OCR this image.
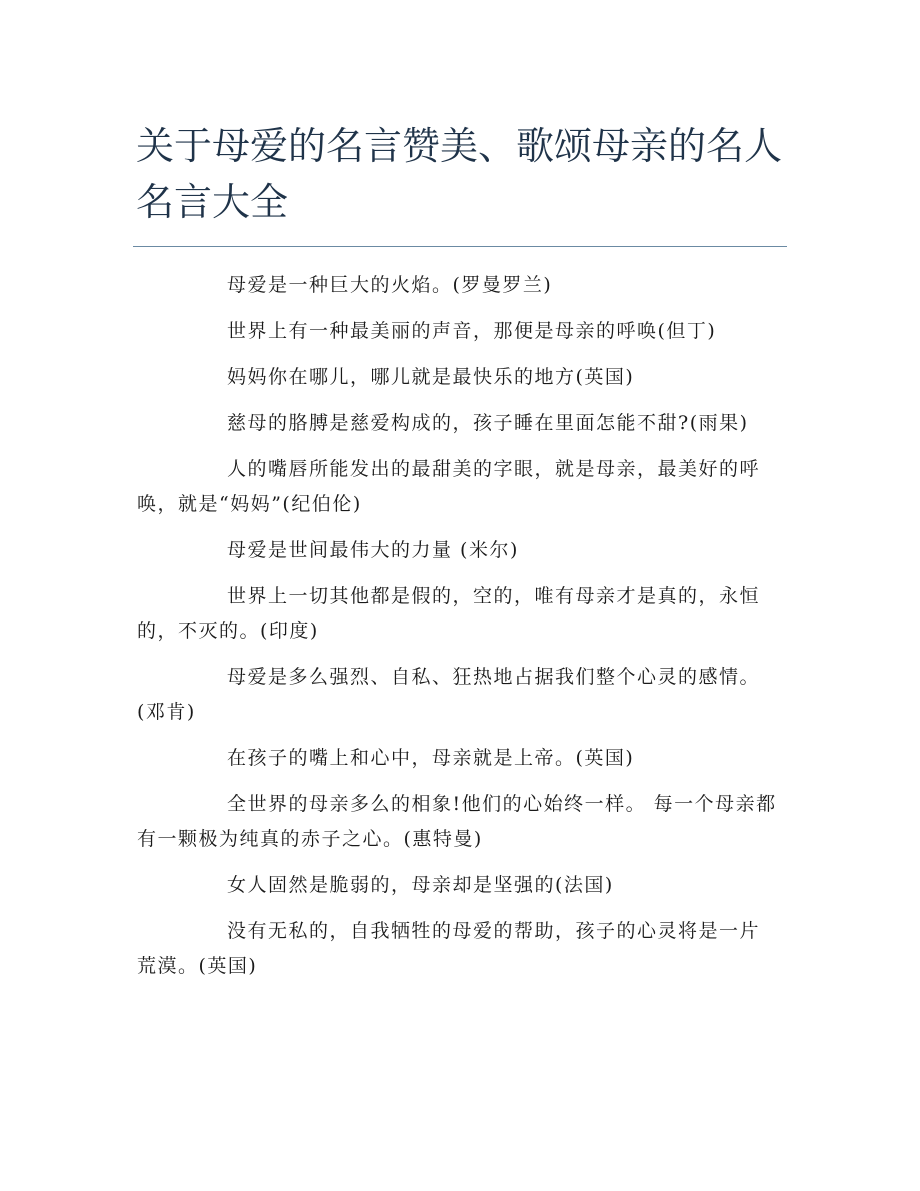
关于母爱的名言赞美、歌颂母亲的名人名言大全

母爱是一种巨大的火焰。(罗曼罗兰)

世界上有一种最美丽的声音，那便是母亲的呼唤(但丁)

妈妈你在哪儿，哪儿就是最快乐的地方(英国)

慈母的胳膊是慈爱构成的，孩子睡在里面怎能不甜?(雨果)

人的嘴唇所能发出的最甜美的字眼，就是母亲，最美好的呼唤，就是“妈妈”(纪伯伦)

母爱是世间最伟大的力量 (米尔)

世界上一切其他都是假的，空的，唯有母亲才是真的，永恒的，不灭的。(印度)

母爱是多么强烈、自私、狂热地占据我们整个心灵的感情。(邓肯)

在孩子的嘴上和心中，母亲就是上帝。(英国)

全世界的母亲多么的相象!他们的心始终一样。 每一个母亲都有一颗极为纯真的赤子之心。(惠特曼)

女人固然是脆弱的，母亲却是坚强的(法国)

没有无私的，自我牺牲的母爱的帮助，孩子的心灵将是一片荒漠。(英国)
